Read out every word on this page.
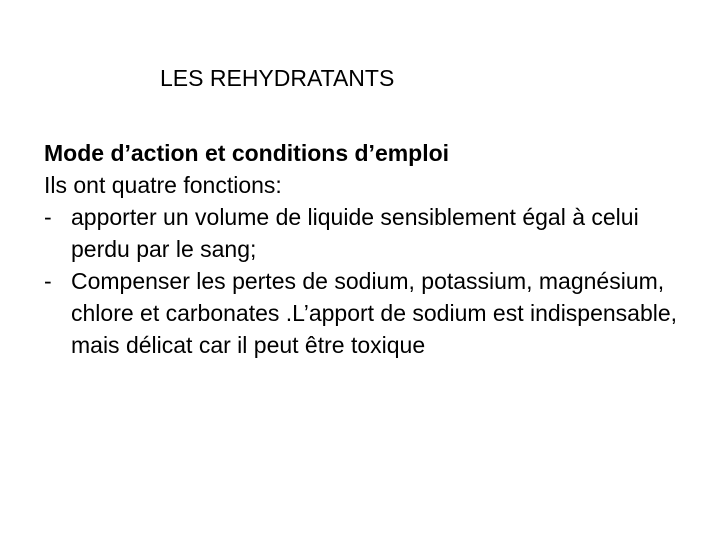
LES REHYDRATANTS
Mode d’action et conditions d’emploi
Ils ont quatre fonctions:
- apporter un volume de liquide sensiblement égal à celui perdu par le sang;
- Compenser les pertes de sodium, potassium, magnésium, chlore et carbonates .L’apport de sodium est indispensable, mais délicat car il peut être toxique
